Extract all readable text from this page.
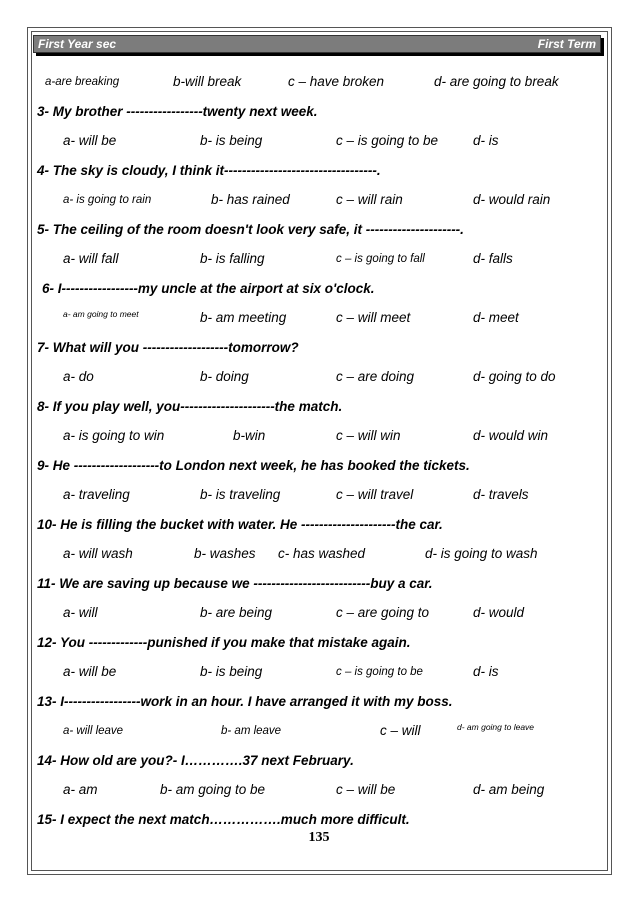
First Year sec	First Term
a-are breaking	b-will break	c – have broken	d- are going to break
3- My brother -----------------twenty next week.
a- will be	b- is being	c – is going to be	d- is
4- The sky is cloudy, I think it----------------------------------.
a- is going to rain	b- has rained	c – will rain	d- would rain
5- The ceiling of the room doesn't look very safe, it ---------------------.
a- will fall	b- is falling	c – is going to fall	d- falls
6- I-----------------my uncle at the airport at six o'clock.
a- am going to meet	b- am meeting	c – will meet	d- meet
7- What will you -------------------tomorrow?
a- do	b- doing	c – are doing	d- going to do
8- If you play well, you---------------------the match.
a- is going to win	b-win	c – will win	d- would win
9- He -------------------to London next week, he has booked the tickets.
a- traveling	b- is traveling	c – will travel	d- travels
10- He is filling the bucket with water. He ---------------------the car.
a- will wash	b- washes c- has washed	d- is going to wash
11- We are saving up because we --------------------------buy a car.
a- will	b- are being	c – are going to	d- would
12- You -------------punished if you make that mistake again.
a- will be	b- is being	c – is going to be	d- is
13- I-----------------work in an hour. I have arranged it with my boss.
a- will leave	b- am leave	c – will	d- am going to leave
14- How old are you?- I………….37 next February.
a- am	b- am going to be	c – will be	d- am being
15- I expect the next match…………….much more difficult.
135
